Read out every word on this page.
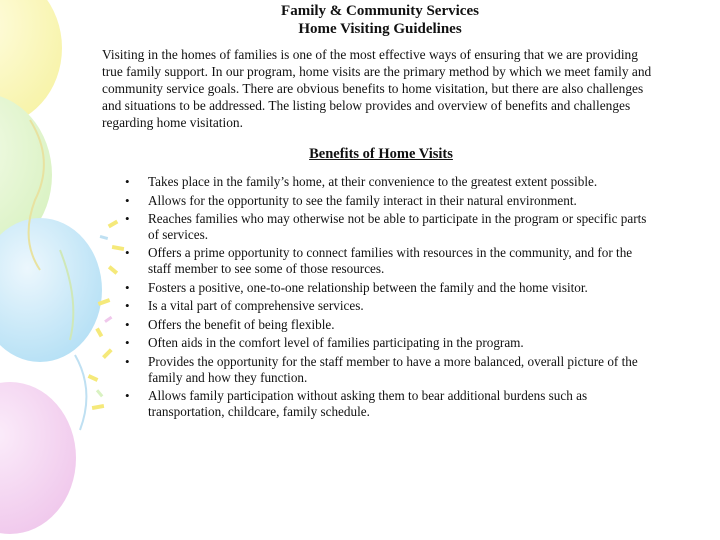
Family & Community Services
Home Visiting Guidelines
Visiting in the homes of families is one of the most effective ways of ensuring that we are providing true family support. In our program, home visits are the primary method by which we meet family and community service goals. There are obvious benefits to home visitation, but there are also challenges and situations to be addressed. The listing below provides and overview of benefits and challenges regarding home visitation.
Benefits of Home Visits
• Takes place in the family’s home, at their convenience to the greatest extent possible.
• Allows for the opportunity to see the family interact in their natural environment.
• Reaches families who may otherwise not be able to participate in the program or specific parts of services.
• Offers a prime opportunity to connect families with resources in the community, and for the staff member to see some of those resources.
• Fosters a positive, one-to-one relationship between the family and the home visitor.
• Is a vital part of comprehensive services.
• Offers the benefit of being flexible.
• Often aids in the comfort level of families participating in the program.
• Provides the opportunity for the staff member to have a more balanced, overall picture of the family and how they function.
• Allows family participation without asking them to bear additional burdens such as transportation, childcare, family schedule.
